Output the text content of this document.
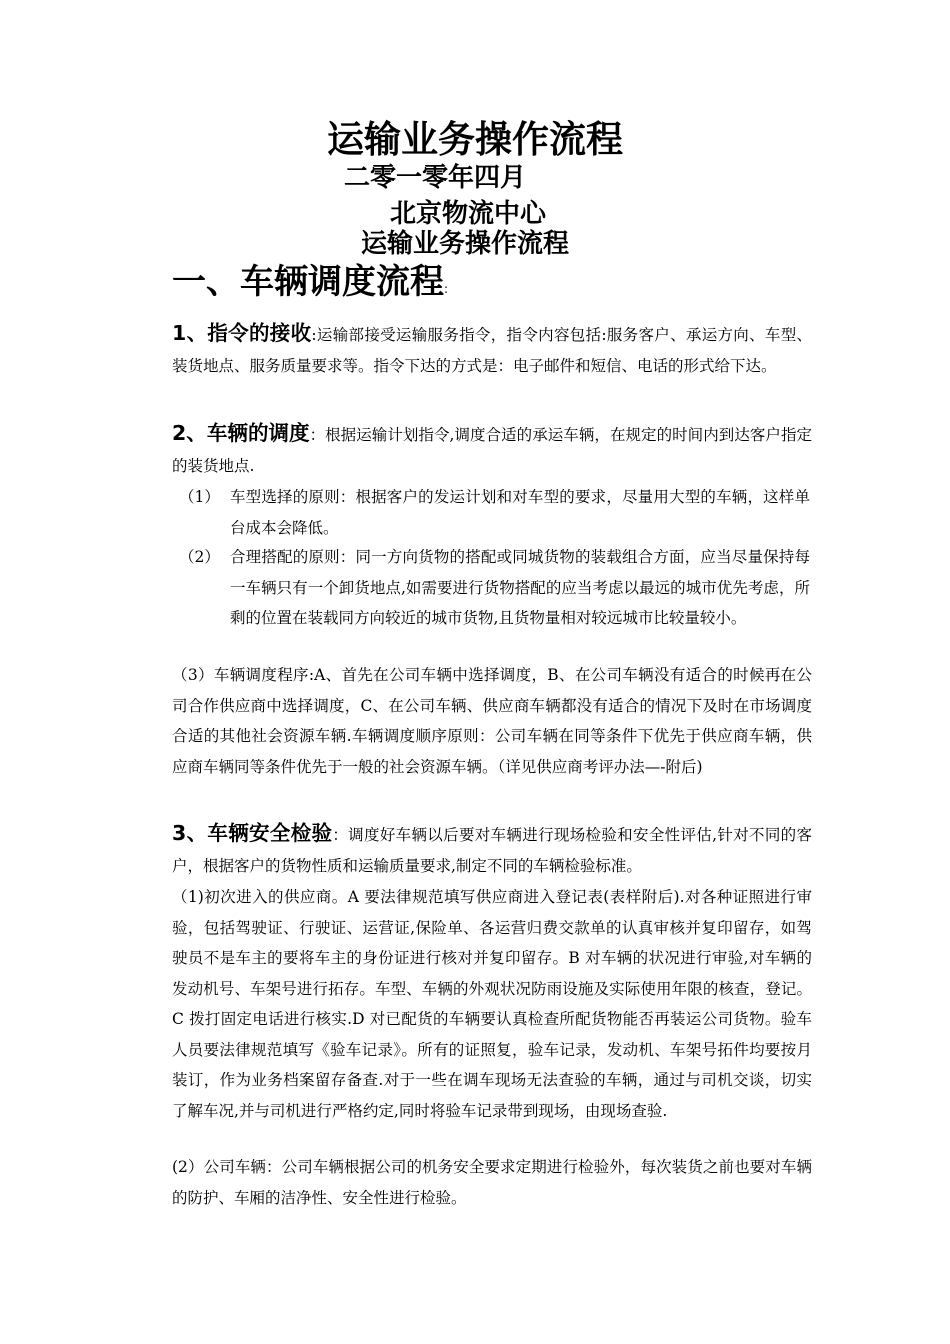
运输业务操作流程
二零一零年四月
北京物流中心
运输业务操作流程
一、车辆调度流程:
1、指令的接收:运输部接受运输服务指令，指令内容包括:服务客户、承运方向、车型、装货地点、服务质量要求等。指令下达的方式是：电子邮件和短信、电话的形式给下达。
2、车辆的调度：根据运输计划指令,调度合适的承运车辆，在规定的时间内到达客户指定的装货地点.
（1） 车型选择的原则：根据客户的发运计划和对车型的要求，尽量用大型的车辆，这样单台成本会降低。
（2） 合理搭配的原则：同一方向货物的搭配或同城货物的装载组合方面，应当尽量保持每一车辆只有一个卸货地点,如需要进行货物搭配的应当考虑以最远的城市优先考虑，所剩的位置在装载同方向较近的城市货物,且货物量相对较远城市比较量较小。
（3）车辆调度程序:A、首先在公司车辆中选择调度，B、在公司车辆没有适合的时候再在公司合作供应商中选择调度，C、在公司车辆、供应商车辆都没有适合的情况下及时在市场调度合适的其他社会资源车辆.车辆调度顺序原则：公司车辆在同等条件下优先于供应商车辆，供应商车辆同等条件优先于一般的社会资源车辆。（详见供应商考评办法—-附后)
3、车辆安全检验：调度好车辆以后要对车辆进行现场检验和安全性评估,针对不同的客户，根据客户的货物性质和运输质量要求,制定不同的车辆检验标准。
（1)初次进入的供应商。A 要法律规范填写供应商进入登记表(表样附后).对各种证照进行审验，包括驾驶证、行驶证、运营证,保险单、各运营归费交款单的认真审核并复印留存，如驾驶员不是车主的要将车主的身份证进行核对并复印留存。B 对车辆的状况进行审验,对车辆的发动机号、车架号进行拓存。车型、车辆的外观状况防雨设施及实际使用年限的核查，登记。C 拨打固定电话进行核实.D 对已配货的车辆要认真检查所配货物能否再装运公司货物。验车人员要法律规范填写《验车记录》。所有的证照复，验车记录，发动机、车架号拓件均要按月装订，作为业务档案留存备查.对于一些在调车现场无法查验的车辆，通过与司机交谈，切实了解车况,并与司机进行严格约定,同时将验车记录带到现场，由现场查验.
(2）公司车辆：公司车辆根据公司的机务安全要求定期进行检验外，每次装货之前也要对车辆的防护、车厢的洁净性、安全性进行检验。
